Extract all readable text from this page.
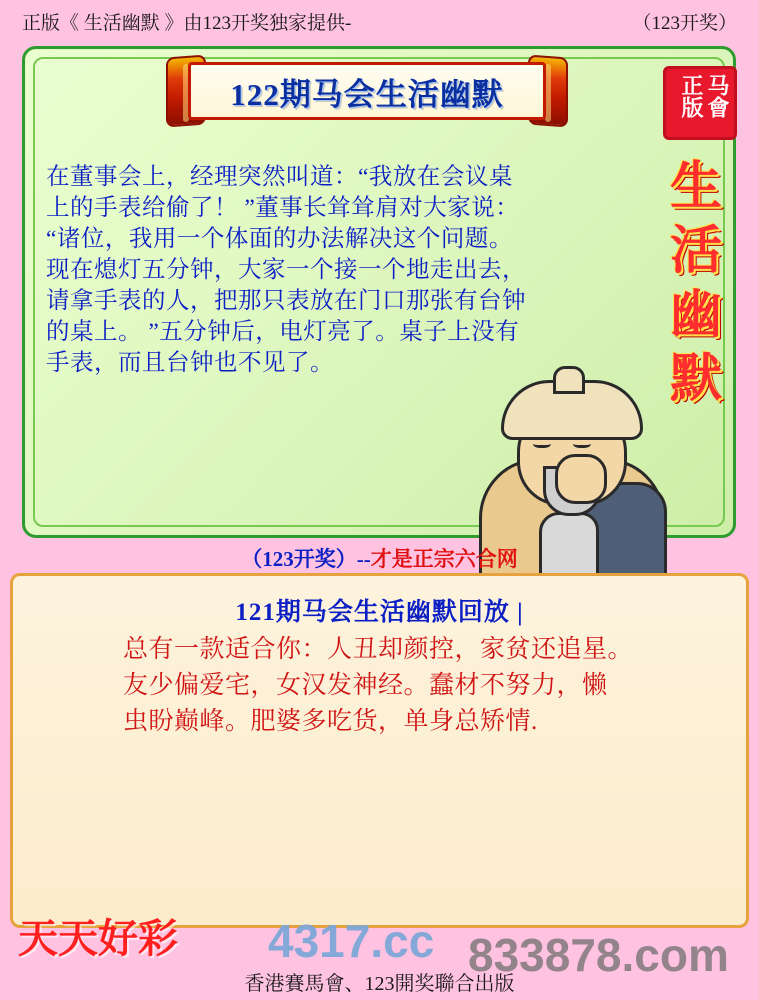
正版《 生活幽默 》由123开奖独家提供-	（123开奖）
122期马会生活幽默

在董事会上，经理突然叫道：“我放在会议桌

上的手表给偷了！ ”董事长耸耸肩对大家说：

“诸位，我用一个体面的办法解决这个问题。

现在熄灯五分钟，大家一个接一个地走出去，

请拿手表的人，把那只表放在门口那张有台钟

的桌上。 ”五分钟后，电灯亮了。桌子上没有

手表，而且台钟也不见了。

马會
正版
生
活
幽
默
（123开奖）--才是正宗六合网
121期马会生活幽默回放 |

总有一款适合你：人丑却颜控，家贫还追星。

友少偏爱宅，女汉发神经。蠢材不努力，懒

虫盼巅峰。肥婆多吃货，单身总矫情.

天天好彩 4317.cc 833878.com
香港賽馬會、123開奖聯合出版
